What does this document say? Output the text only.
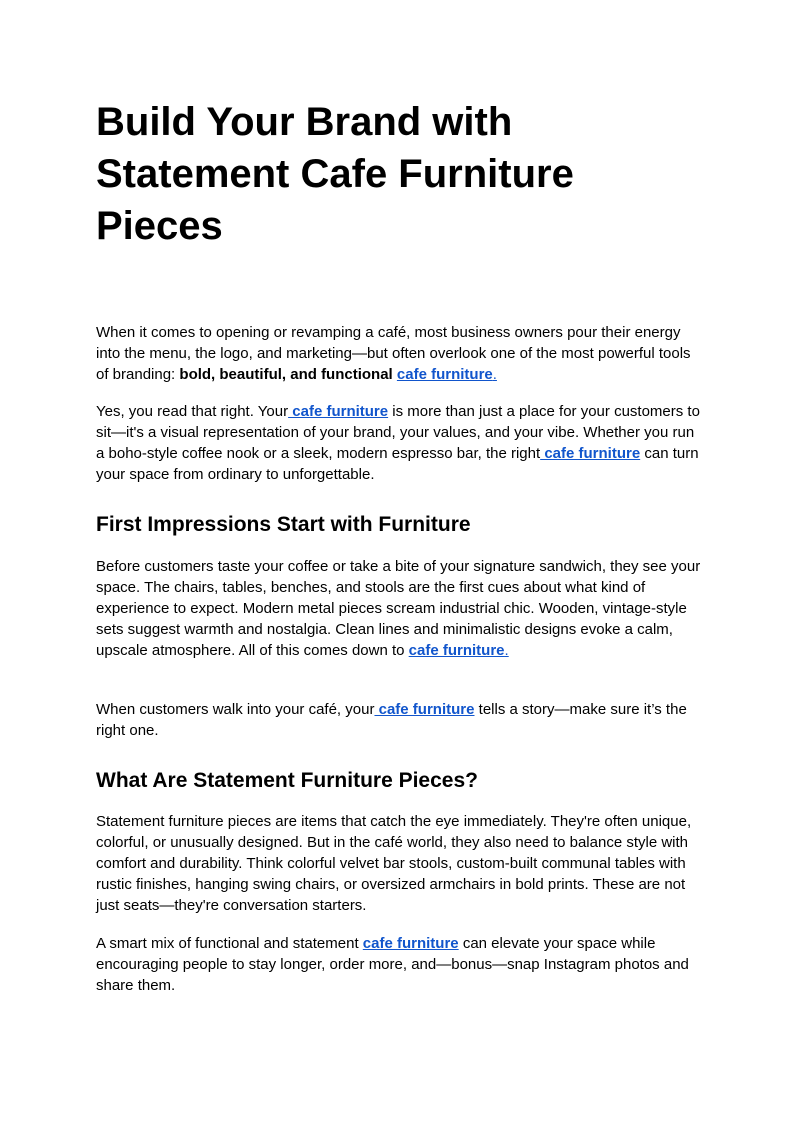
Build Your Brand with Statement Cafe Furniture Pieces

When it comes to opening or revamping a café, most business owners pour their energy into the menu, the logo, and marketing—but often overlook one of the most powerful tools of branding: bold, beautiful, and functional cafe furniture.

Yes, you read that right. Your cafe furniture is more than just a place for your customers to sit—it's a visual representation of your brand, your values, and your vibe. Whether you run a boho-style coffee nook or a sleek, modern espresso bar, the right cafe furniture can turn your space from ordinary to unforgettable.

First Impressions Start with Furniture

Before customers taste your coffee or take a bite of your signature sandwich, they see your space. The chairs, tables, benches, and stools are the first cues about what kind of experience to expect. Modern metal pieces scream industrial chic. Wooden, vintage-style sets suggest warmth and nostalgia. Clean lines and minimalistic designs evoke a calm, upscale atmosphere. All of this comes down to cafe furniture.

When customers walk into your café, your cafe furniture tells a story—make sure it’s the right one.

What Are Statement Furniture Pieces?

Statement furniture pieces are items that catch the eye immediately. They're often unique, colorful, or unusually designed. But in the café world, they also need to balance style with comfort and durability. Think colorful velvet bar stools, custom-built communal tables with rustic finishes, hanging swing chairs, or oversized armchairs in bold prints. These are not just seats—they're conversation starters.

A smart mix of functional and statement cafe furniture can elevate your space while encouraging people to stay longer, order more, and—bonus—snap Instagram photos and share them.
